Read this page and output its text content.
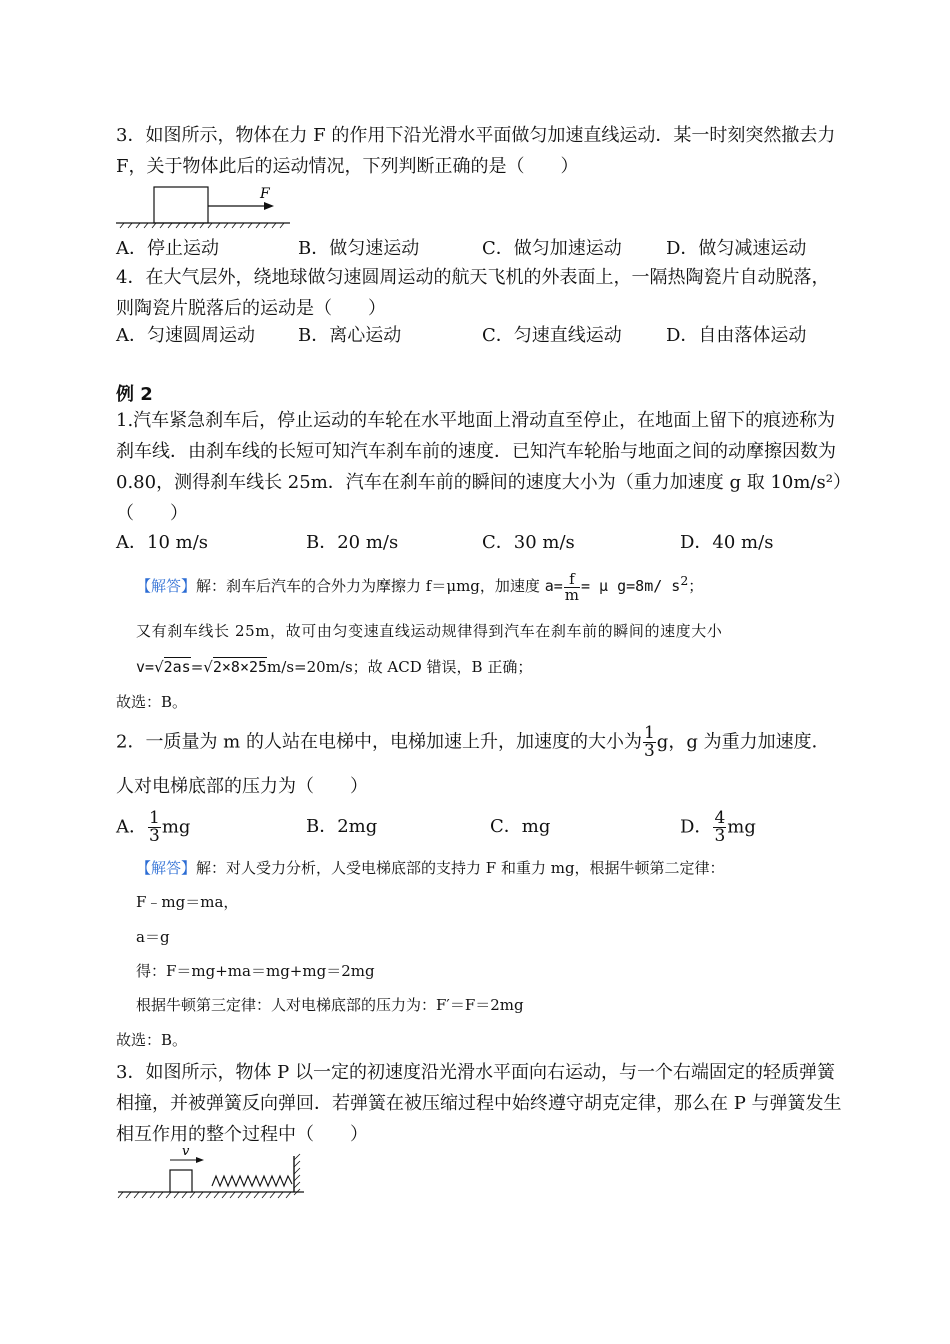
3．如图所示，物体在力 F 的作用下沿光滑水平面做匀加速直线运动．某一时刻突然撤去力 F，关于物体此后的运动情况，下列判断正确的是（　　）
F
A．停止运动	B．做匀速运动	C．做匀加速运动 D．做匀减速运动
4．在大气层外，绕地球做匀速圆周运动的航天飞机的外表面上，一隔热陶瓷片自动脱落，则陶瓷片脱落后的运动是（　　）
A．匀速圆周运动 B．离心运动	C．匀速直线运动 D．自由落体运动
例 2
1.汽车紧急刹车后，停止运动的车轮在水平地面上滑动直至停止，在地面上留下的痕迹称为刹车线．由刹车线的长短可知汽车刹车前的速度．已知汽车轮胎与地面之间的动摩擦因数为 0.80，测得刹车线长 25m．汽车在刹车前的瞬间的速度大小为（重力加速度 g 取 10m/s²）（　　）
A．10 m/s	B．20 m/s	C．30 m/s	D．40 m/s
【解答】解：刹车后汽车的合外力为摩擦力 f＝μmg，加速度 $a= \frac{f}{m} = \mu$ g=8m/ $s^2$；
又有刹车线长 25m，故可由匀变速直线运动规律得到汽车在刹车前的瞬间的速度大小
v=√2as=√2×8×25m/s=20m/s；故 ACD 错误，B 正确；
故选：B。
2．一质量为 m 的人站在电梯中，电梯加速上升，加速度的大小为 $\frac{1}{3}$ g，g 为重力加速度．
人对电梯底部的压力为（　　）
A． $\frac{1}{3}$ mg	B．2mg	C．mg	D． $\frac{4}{3}$ mg
【解答】解：对人受力分析，人受电梯底部的支持力 F 和重力 mg，根据牛顿第二定律：
F﹣mg＝ma，
a＝g
得：F＝mg+ma＝mg+mg＝2mg
根据牛顿第三定律：人对电梯底部的压力为：F′＝F＝2mg
故选：B。
3．如图所示，物体 P 以一定的初速度沿光滑水平面向右运动，与一个右端固定的轻质弹簧相撞，并被弹簧反向弹回．若弹簧在被压缩过程中始终遵守胡克定律，那么在 P 与弹簧发生相互作用的整个过程中（　　）
v
